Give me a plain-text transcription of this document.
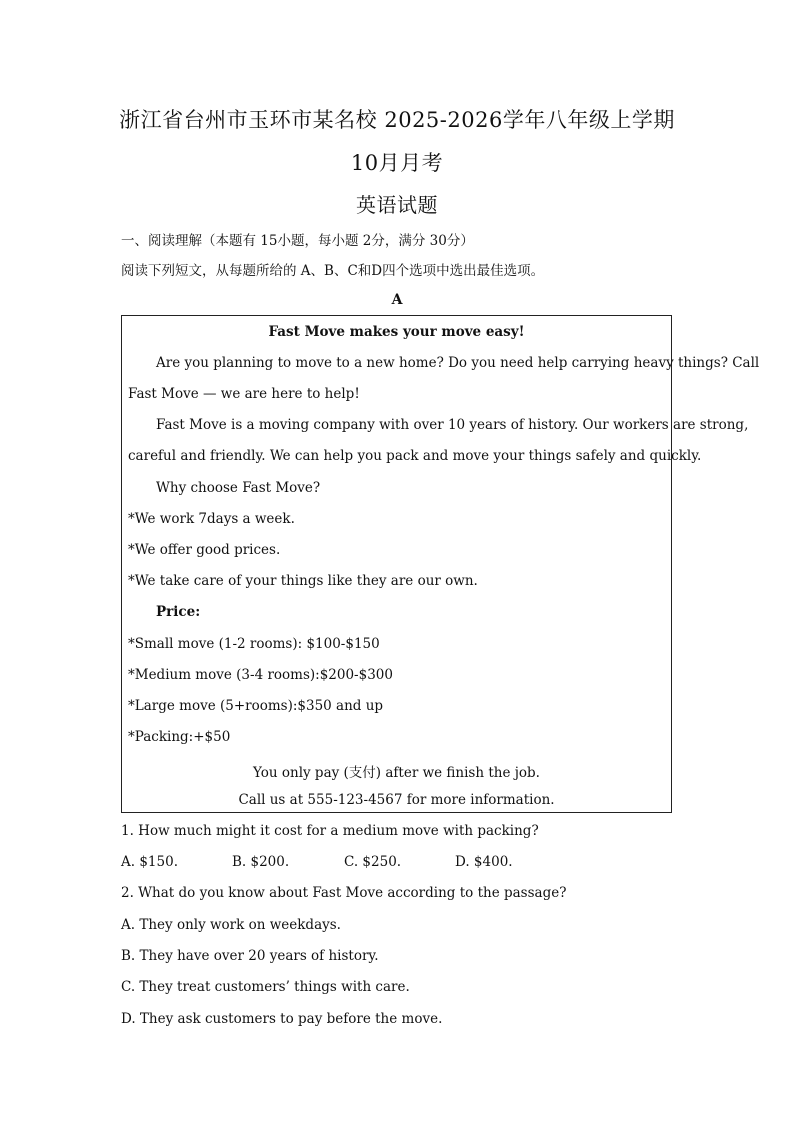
浙江省台州市玉环市某名校 2025-2026学年八年级上学期
10月月考
英语试题
一、阅读理解（本题有 15小题，每小题 2分，满分 30分）
阅读下列短文，从每题所给的 A、B、C和D四个选项中选出最佳选项。
A
Fast Move makes your move easy!
Are you planning to move to a new home? Do you need help carrying heavy things? Call
Fast Move — we are here to help!
Fast Move is a moving company with over 10 years of history. Our workers are strong,
careful and friendly. We can help you pack and move your things safely and quickly.
Why choose Fast Move?
*We work 7days a week.
*We offer good prices.
*We take care of your things like they are our own.
Price:
*Small move (1-2 rooms): $100-$150
*Medium move (3-4 rooms):$200-$300
*Large move (5+rooms):$350 and up
*Packing:+$50
You only pay (支付) after we finish the job.
Call us at 555-123-4567 for more information.
1. How much might it cost for a medium move with packing?
A. $150.	B. $200.	C. $250.	D. $400.
2. What do you know about Fast Move according to the passage?
A. They only work on weekdays.
B. They have over 20 years of history.
C. They treat customers’ things with care.
D. They ask customers to pay before the move.
